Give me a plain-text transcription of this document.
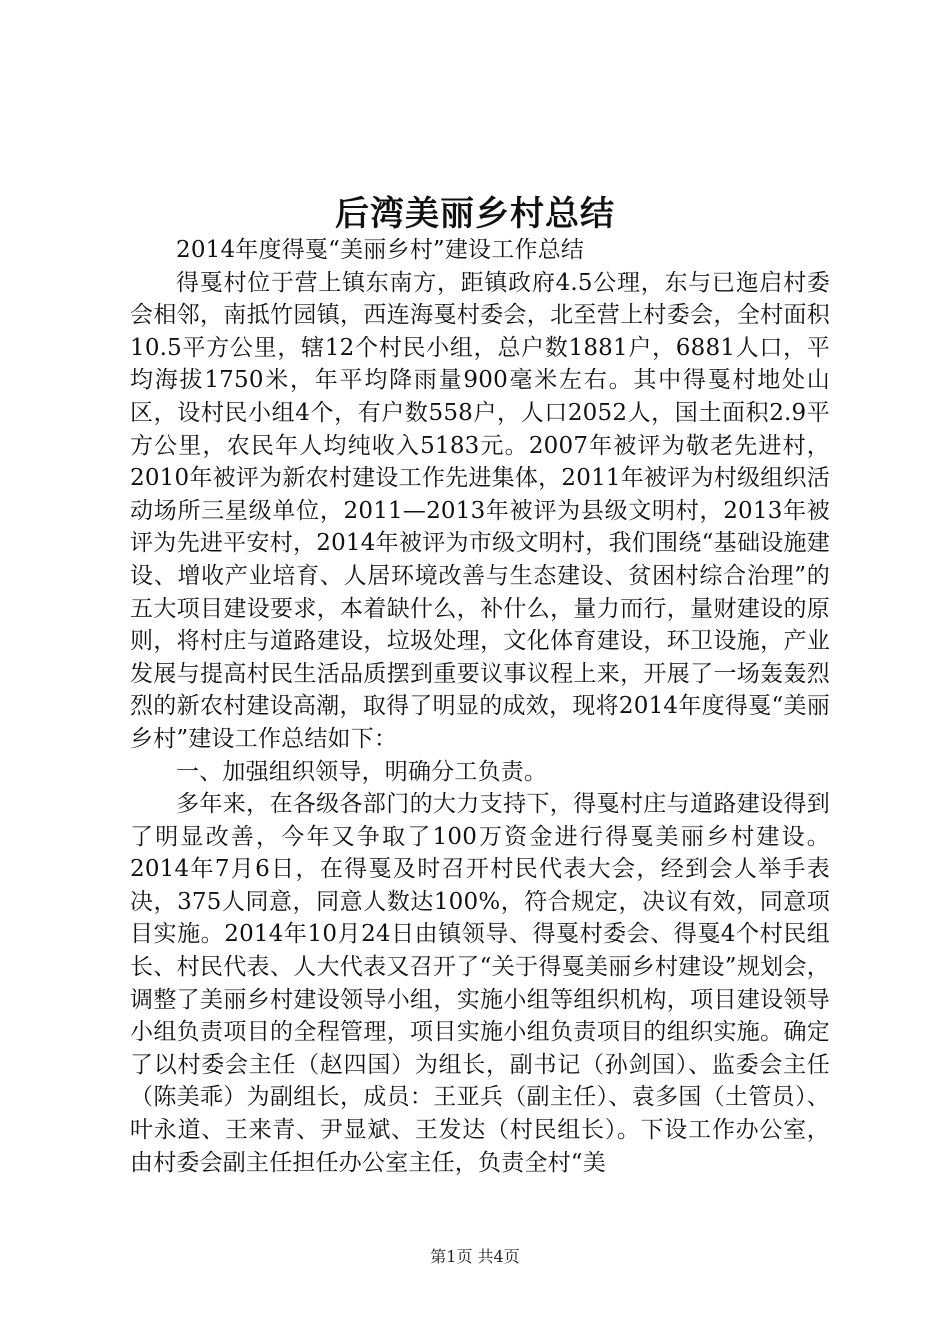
后湾美丽乡村总结

2014年度得戛“美丽乡村”建设工作总结

得戛村位于营上镇东南方，距镇政府4.5公理，东与已迤启村委会相邻，南抵竹园镇，西连海戛村委会，北至营上村委会，全村面积10.5平方公里，辖12个村民小组，总户数1881户，6881人口，平均海拔1750米，年平均降雨量900毫米左右。其中得戛村地处山区，设村民小组4个，有户数558户，人口2052人，国土面积2.9平方公里，农民年人均纯收入5183元。2007年被评为敬老先进村，2010年被评为新农村建设工作先进集体，2011年被评为村级组织活动场所三星级单位，2011—2013年被评为县级文明村，2013年被评为先进平安村，2014年被评为市级文明村，我们围绕“基础设施建设、增收产业培育、人居环境改善与生态建设、贫困村综合治理”的五大项目建设要求，本着缺什么，补什么，量力而行，量财建设的原则，将村庄与道路建设，垃圾处理，文化体育建设，环卫设施，产业发展与提高村民生活品质摆到重要议事议程上来，开展了一场轰轰烈烈的新农村建设高潮，取得了明显的成效，现将2014年度得戛“美丽乡村”建设工作总结如下：

一、加强组织领导，明确分工负责。

多年来，在各级各部门的大力支持下，得戛村庄与道路建设得到了明显改善，今年又争取了100万资金进行得戛美丽乡村建设。2014年7月6日，在得戛及时召开村民代表大会，经到会人举手表决，375人同意，同意人数达100%，符合规定，决议有效，同意项目实施。2014年10月24日由镇领导、得戛村委会、得戛4个村民组长、村民代表、人大代表又召开了“关于得戛美丽乡村建设”规划会，调整了美丽乡村建设领导小组，实施小组等组织机构，项目建设领导小组负责项目的全程管理，项目实施小组负责项目的组织实施。确定了以村委会主任（赵四国）为组长，副书记（孙剑国）、监委会主任（陈美乖）为副组长，成员：王亚兵（副主任）、袁多国（土管员）、叶永道、王来青、尹显斌、王发达（村民组长）。下设工作办公室，由村委会副主任担任办公室主任，负责全村“美

第1页 共4页
